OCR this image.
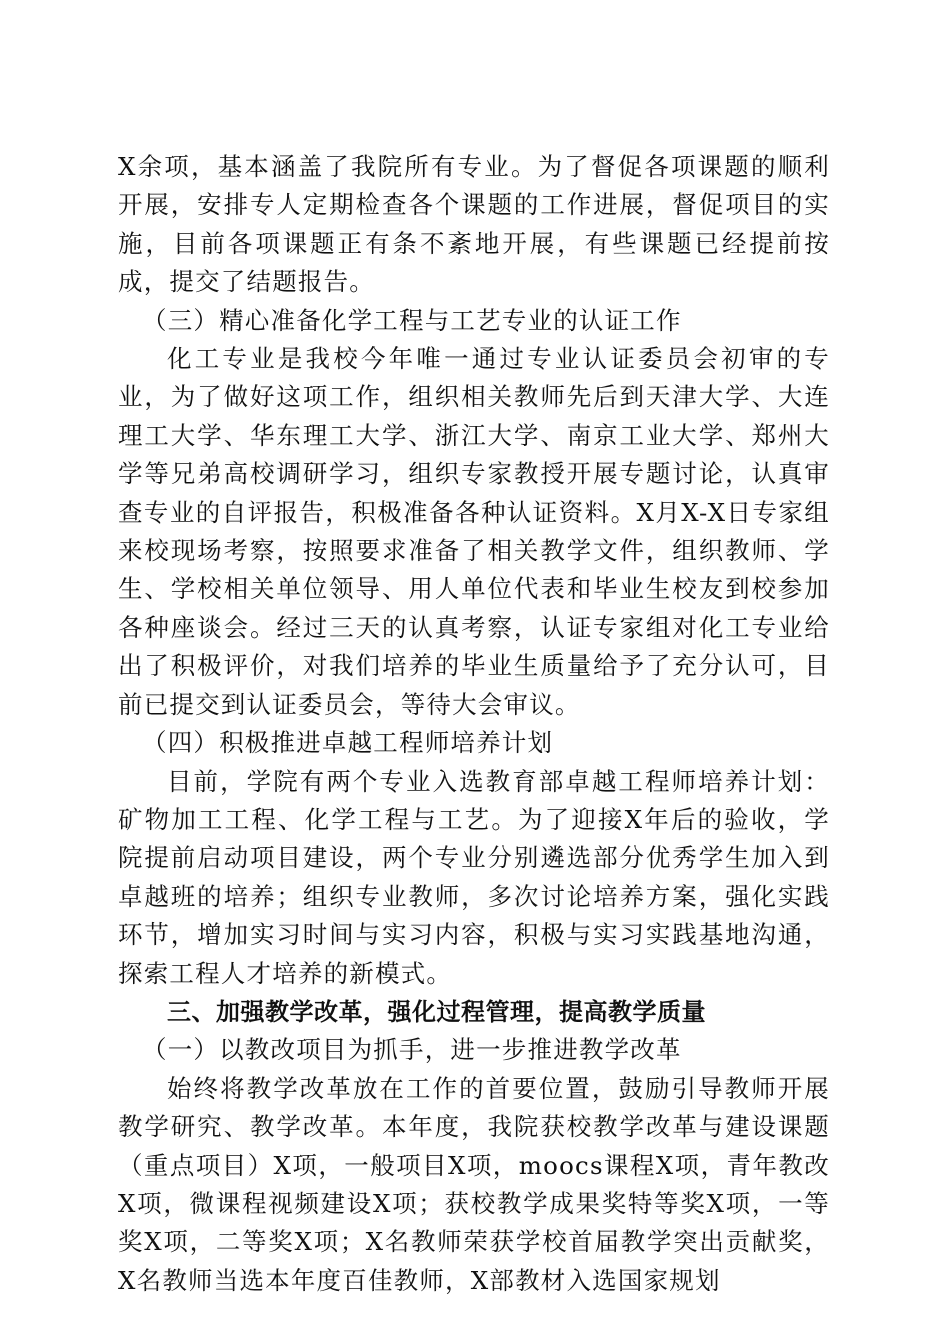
X余项，基本涵盖了我院所有专业。为了督促各项课题的顺利开展，安排专人定期检查各个课题的工作进展，督促项目的实施，目前各项课题正有条不紊地开展，有些课题已经提前按成，提交了结题报告。

（三）精心准备化学工程与工艺专业的认证工作

化工专业是我校今年唯一通过专业认证委员会初审的专业，为了做好这项工作，组织相关教师先后到天津大学、大连理工大学、华东理工大学、浙江大学、南京工业大学、郑州大学等兄弟高校调研学习，组织专家教授开展专题讨论，认真审查专业的自评报告，积极准备各种认证资料。X月X-X日专家组来校现场考察，按照要求准备了相关教学文件，组织教师、学生、学校相关单位领导、用人单位代表和毕业生校友到校参加各种座谈会。经过三天的认真考察，认证专家组对化工专业给出了积极评价，对我们培养的毕业生质量给予了充分认可，目前已提交到认证委员会，等待大会审议。

（四）积极推进卓越工程师培养计划

目前，学院有两个专业入选教育部卓越工程师培养计划：矿物加工工程、化学工程与工艺。为了迎接X年后的验收，学院提前启动项目建设，两个专业分别遴选部分优秀学生加入到卓越班的培养；组织专业教师，多次讨论培养方案，强化实践环节，增加实习时间与实习内容，积极与实习实践基地沟通，探索工程人才培养的新模式。

三、加强教学改革，强化过程管理，提高教学质量

（一）以教改项目为抓手，进一步推进教学改革

始终将教学改革放在工作的首要位置，鼓励引导教师开展教学研究、教学改革。本年度，我院获校教学改革与建设课题（重点项目）X项，一般项目X项，moocs课程X项，青年教改X项，微课程视频建设X项；获校教学成果奖特等奖X项，一等奖X项，二等奖X项；X名教师荣获学校首届教学突出贡献奖，X名教师当选本年度百佳教师，X部教材入选国家规划
